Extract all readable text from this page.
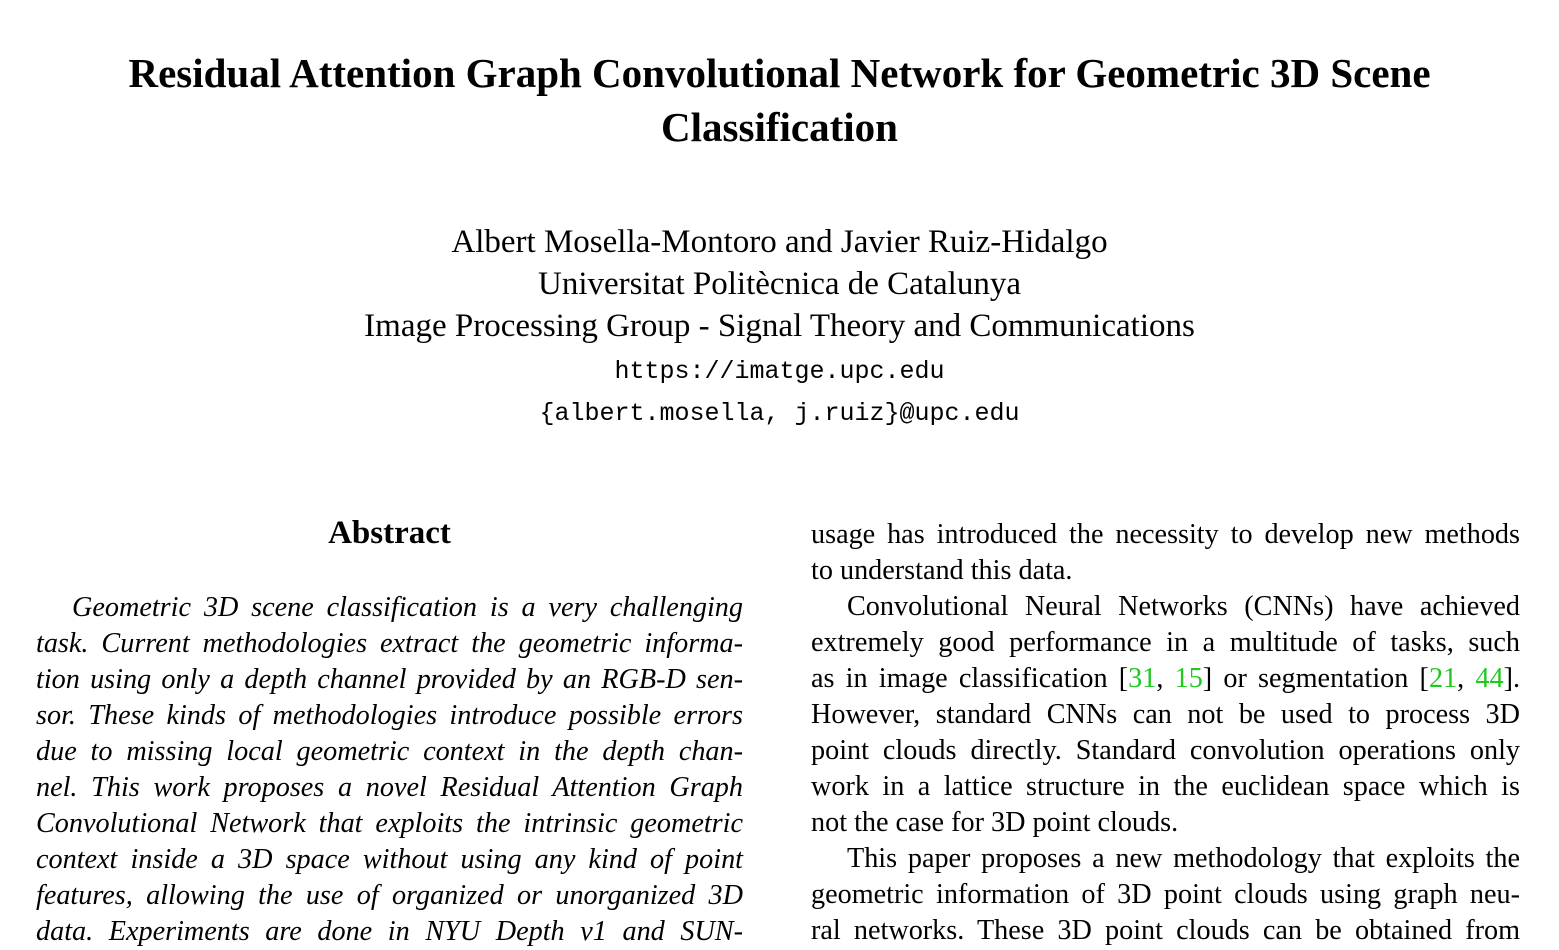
Residual Attention Graph Convolutional Network for Geometric 3D Scene
Classification
Albert Mosella-Montoro and Javier Ruiz-Hidalgo
Universitat Politècnica de Catalunya
Image Processing Group - Signal Theory and Communications
https://imatge.upc.edu
{albert.mosella, j.ruiz}@upc.edu
Abstract
Geometric 3D scene classification is a very challenging
task. Current methodologies extract the geometric informa-
tion using only a depth channel provided by an RGB-D sen-
sor. These kinds of methodologies introduce possible errors
due to missing local geometric context in the depth chan-
nel. This work proposes a novel Residual Attention Graph
Convolutional Network that exploits the intrinsic geometric
context inside a 3D space without using any kind of point
features, allowing the use of organized or unorganized 3D
data. Experiments are done in NYU Depth v1 and SUN-
usage has introduced the necessity to develop new methods
to understand this data.
Convolutional Neural Networks (CNNs) have achieved
extremely good performance in a multitude of tasks, such
as in image classification [31, 15] or segmentation [21, 44].
However, standard CNNs can not be used to process 3D
point clouds directly. Standard convolution operations only
work in a lattice structure in the euclidean space which is
not the case for 3D point clouds.
This paper proposes a new methodology that exploits the
geometric information of 3D point clouds using graph neu-
ral networks. These 3D point clouds can be obtained from
